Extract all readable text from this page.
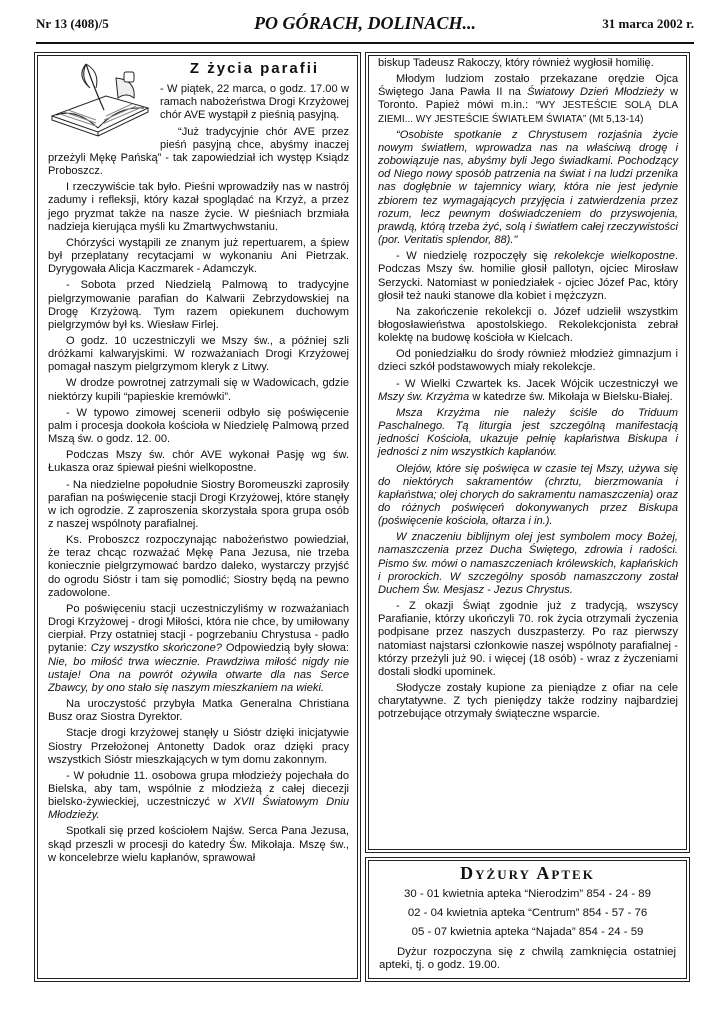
Nr 13 (408)/5	PO GÓRACH, DOLINACH...	31 marca 2002 r.
Z życia parafii

- W piątek, 22 marca, o godz. 17.00 w ramach nabożeństwa Drogi Krzyżowej chór AVE wystąpił z pieśnią pasyjną.

“Już tradycyjnie chór AVE przez pieśń pasyjną chce, abyśmy inaczej przeżyli Mękę Pańską” - tak zapowiedział ich występ Ksiądz Proboszcz.

I rzeczywiście tak było. Pieśni wprowadziły nas w nastrój zadumy i refleksji, który kazał spoglądać na Krzyż, a przez jego pryzmat także na nasze życie. W pieśniach brzmiała nadzieja kierująca myśli ku Zmartwychwstaniu.

Chórzyści wystąpili ze znanym już repertuarem, a śpiew był przeplatany recytacjami w wykonaniu Ani Pietrzak. Dyrygowała Alicja Kaczmarek - Adamczyk.

- Sobota przed Niedzielą Palmową to tradycyjne pielgrzymowanie parafian do Kalwarii Zebrzydowskiej na Drogę Krzyżową. Tym razem opiekunem duchowym pielgrzymów był ks. Wiesław Firlej.

O godz. 10 uczestniczyli we Mszy św., a później szli dróżkami kalwaryjskimi. W rozważaniach Drogi Krzyżowej pomagał naszym pielgrzymom kleryk z Litwy.

W drodze powrotnej zatrzymali się w Wadowicach, gdzie niektórzy kupili “papieskie kremówki”.

- W typowo zimowej scenerii odbyło się poświęcenie palm i procesja dookoła kościoła w Niedzielę Palmową przed Mszą św. o godz. 12. 00.

Podczas Mszy św. chór AVE wykonał Pasję wg św. Łukasza oraz śpiewał pieśni wielkopostne.

- Na niedzielne popołudnie Siostry Boromeuszki zaprosiły parafian na poświęcenie stacji Drogi Krzyżowej, które stanęły w ich ogrodzie. Z zaproszenia skorzystała spora grupa osób z naszej wspólnoty parafialnej.

Ks. Proboszcz rozpoczynając nabożeństwo powiedział, że teraz chcąc rozważać Mękę Pana Jezusa, nie trzeba koniecznie pielgrzymować bardzo daleko, wystarczy przyjść do ogrodu Sióstr i tam się pomodlić; Siostry będą na pewno zadowolone.

Po poświęceniu stacji uczestniczyliśmy w rozważaniach Drogi Krzyżowej - drogi Miłości, która nie chce, by umiłowany cierpiał. Przy ostatniej stacji - pogrzebaniu Chrystusa - padło pytanie: Czy wszystko skończone? Odpowiedzią były słowa: Nie, bo miłość trwa wiecznie. Prawdziwa miłość nigdy nie ustaje! Ona na powrót ożywiła otwarte dla nas Serce Zbawcy, by ono stało się naszym mieszkaniem na wieki.

Na uroczystość przybyła Matka Generalna Christiana Busz oraz Siostra Dyrektor.

Stacje drogi krzyżowej stanęły u Sióstr dzięki inicjatywie Siostry Przełożonej Antonetty Dadok oraz dzięki pracy wszystkich Sióstr mieszkających w tym domu zakonnym.

- W południe 11. osobowa grupa młodzieży pojechała do Bielska, aby tam, wspólnie z młodzieżą z całej diecezji bielsko-żywieckiej, uczestniczyć w XVII Światowym Dniu Młodzieży.

Spotkali się przed kościołem Najśw. Serca Pana Jezusa, skąd przeszli w procesji do katedry Św. Mikołaja. Mszę św., w koncelebrze wielu kapłanów, sprawował

biskup Tadeusz Rakoczy, który również wygłosił homilię.

Młodym ludziom zostało przekazane orędzie Ojca Świętego Jana Pawła II na Światowy Dzień Młodzieży w Toronto. Papież mówi m.in.: “WY JESTEŚCIE SOLĄ DLA ZIEMI... WY JESTEŚCIE ŚWIATŁEM ŚWIATA” (Mt 5,13-14)

“Osobiste spotkanie z Chrystusem rozjaśnia życie nowym światłem, wprowadza nas na właściwą drogę i zobowiązuje nas, abyśmy byli Jego świadkami. Pochodzący od Niego nowy sposób patrzenia na świat i na ludzi przenika nas dogłębnie w tajemnicy wiary, która nie jest jedynie zbiorem tez wymagających przyjęcia i zatwierdzenia przez rozum, lecz pewnym doświadczeniem do przyswojenia, prawdą, którą trzeba żyć, solą i światłem całej rzeczywistości (por. Veritatis splendor, 88)."

- W niedzielę rozpoczęły się rekolekcje wielkopostne. Podczas Mszy św. homilie głosił pallotyn, ojciec Mirosław Serzycki. Natomiast w poniedziałek - ojciec Józef Pac, który głosił też nauki stanowe dla kobiet i mężczyzn.

Na zakończenie rekolekcji o. Józef udzielił wszystkim błogosławieństwa apostolskiego. Rekolekcjonista zebrał kolektę na budowę kościoła w Kielcach.

Od poniedziałku do środy również młodzież gimnazjum i dzieci szkół podstawowych miały rekolekcje.

- W Wielki Czwartek ks. Jacek Wójcik uczestniczył we Mszy św. Krzyżma w katedrze św. Mikołaja w Bielsku-Białej.

Msza Krzyżma nie należy ściśle do Triduum Paschalnego. Tą liturgia jest szczególną manifestacją jedności Kościoła, ukazuje pełnię kapłaństwa Biskupa i jedności z nim wszystkich kapłanów.

Olejów, które się poświęca w czasie tej Mszy, używa się do niektórych sakramentów (chrztu, bierzmowania i kapłaństwa; olej chorych do sakramentu namaszczenia) oraz do różnych poświęceń dokonywanych przez Biskupa (poświęcenie kościoła, ołtarza i in.).

W znaczeniu biblijnym olej jest symbolem mocy Bożej, namaszczenia przez Ducha Świętego, zdrowia i radości. Pismo św. mówi o namaszczeniach królewskich, kapłańskich i prorockich. W szczególny sposób namaszczony został Duchem Św. Mesjasz - Jezus Chrystus.

- Z okazji Świąt zgodnie już z tradycją, wszyscy Parafianie, którzy ukończyli 70. rok życia otrzymali życzenia podpisane przez naszych duszpasterzy. Po raz pierwszy natomiast najstarsi członkowie naszej wspólnoty parafialnej - którzy przeżyli już 90. i więcej (18 osób) - wraz z życzeniami dostali słodki upominek.

Słodycze zostały kupione za pieniądze z ofiar na cele charytatywne. Z tych pieniędzy także rodziny najbardziej potrzebujące otrzymały świąteczne wsparcie.

Dyżury Aptek
30 - 01 kwietnia apteka “Nierodzim” 854 - 24 - 89
02 - 04 kwietnia apteka “Centrum” 854 - 57 - 76
05 - 07 kwietnia apteka “Najada” 854 - 24 - 59

Dyżur rozpoczyna się z chwilą zamknięcia ostatniej apteki, tj. o godz. 19.00.
